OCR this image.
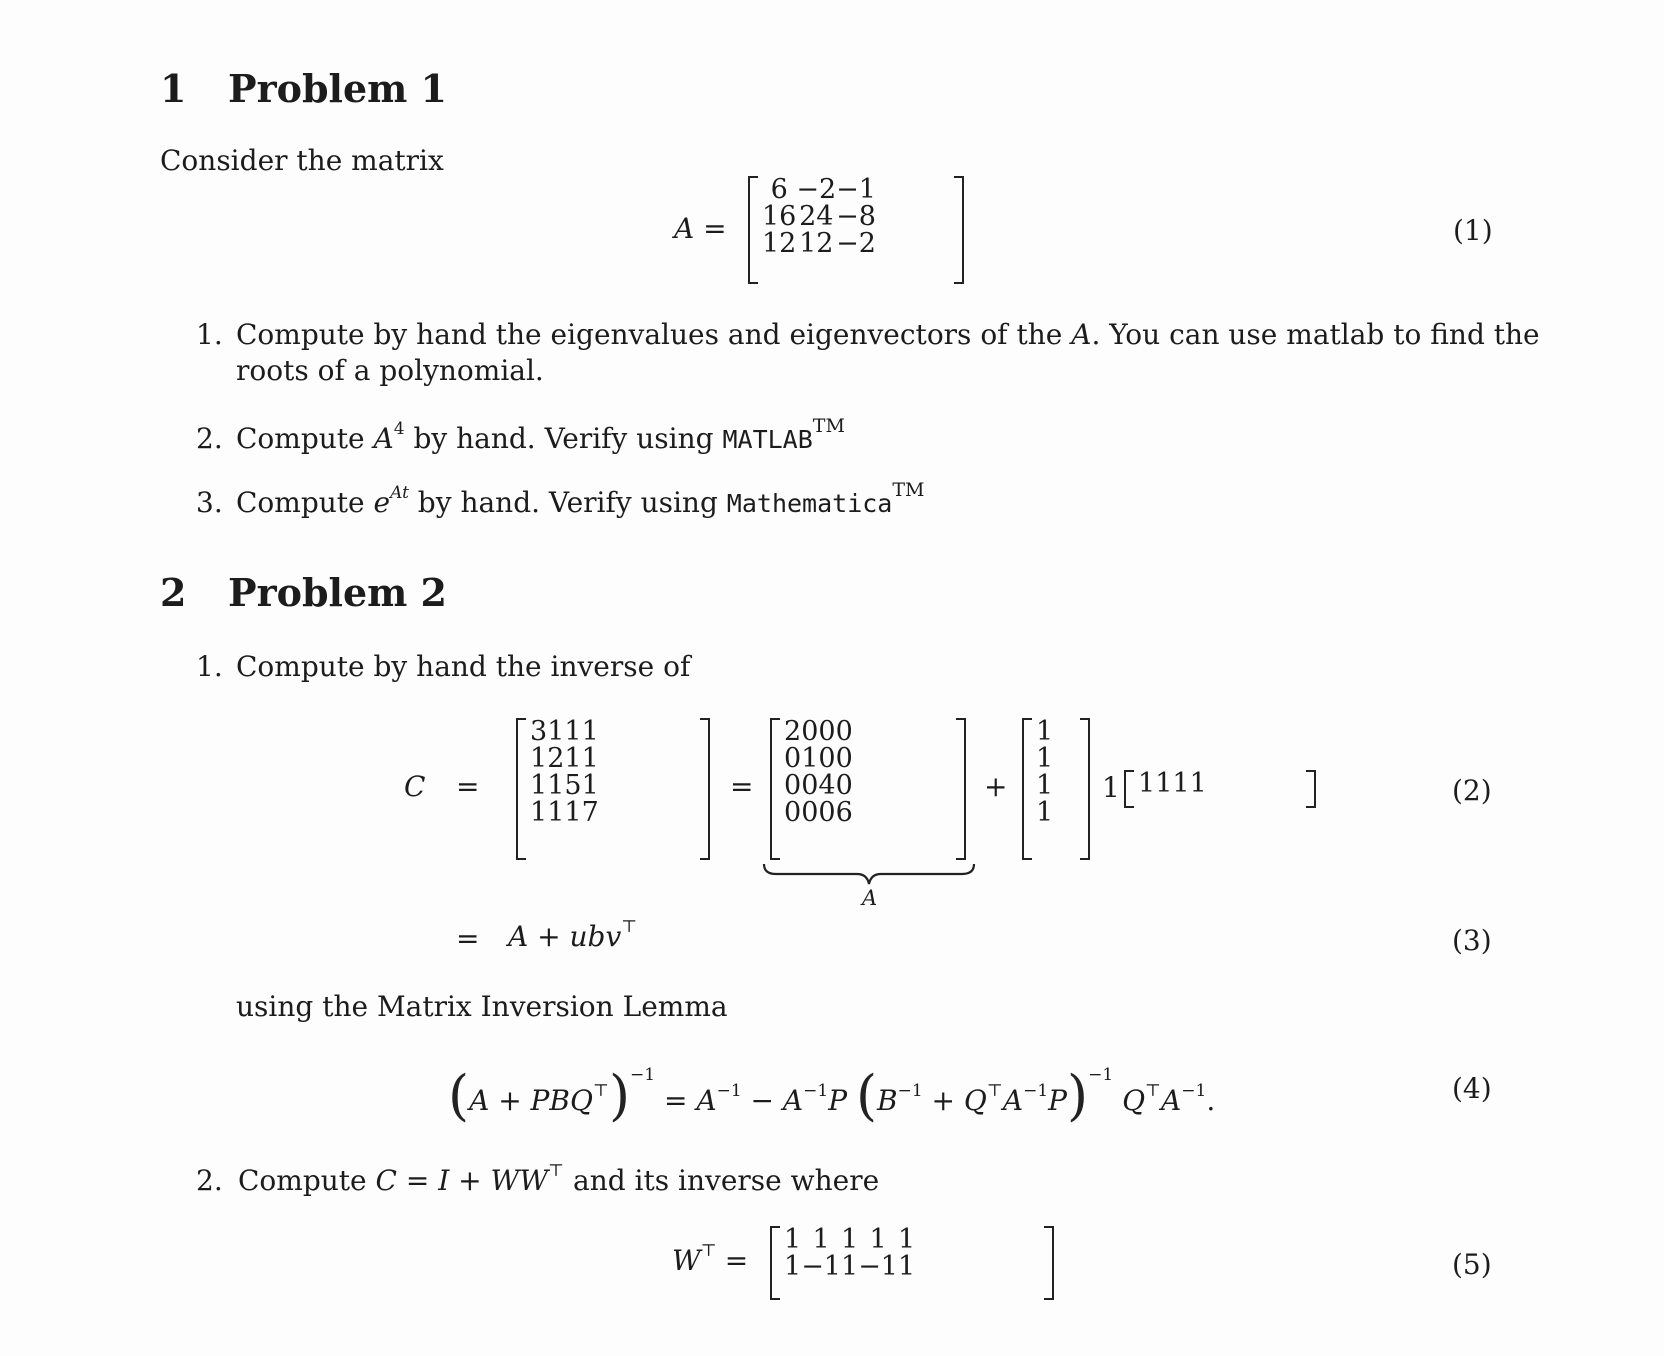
1 Problem 1
Consider the matrix
A =
6	−2	−1
16	24	−8
12	12	−2	(1)
1. Compute by hand the eigenvalues and eigenvectors of the A. You can use matlab to find the
roots of a polynomial.
2. Compute $A^4$ by hand. Verify using MATLAB™
3. Compute $e^{At}$ by hand. Verify using Mathematica™
2 Problem 2
1. Compute by hand the inverse of
C =
3	1	1	1
1	2	1	1
1	1	5	1
1	1	1	7
=
2	0	0	0
0	1	0	0
0	0	4	0
0	0	0	6
A
+
1
1
1
1
1 1	1	1	1	(2)
= A + ubv⊤	(3)
using the Matrix Inversion Lemma
$(A + PBQ^⊤)^{-1} = A^{-1} - A^{-1}P$ $(B^{-1} + Q^⊤A^{-1}P)^{-1}$ $Q^⊤A^{-1}$.	(4)
2. Compute C = I + WW⊤ and its inverse where
W⊤ =
1	1	1	1	1
1	−1	1	−1	1	(5)
